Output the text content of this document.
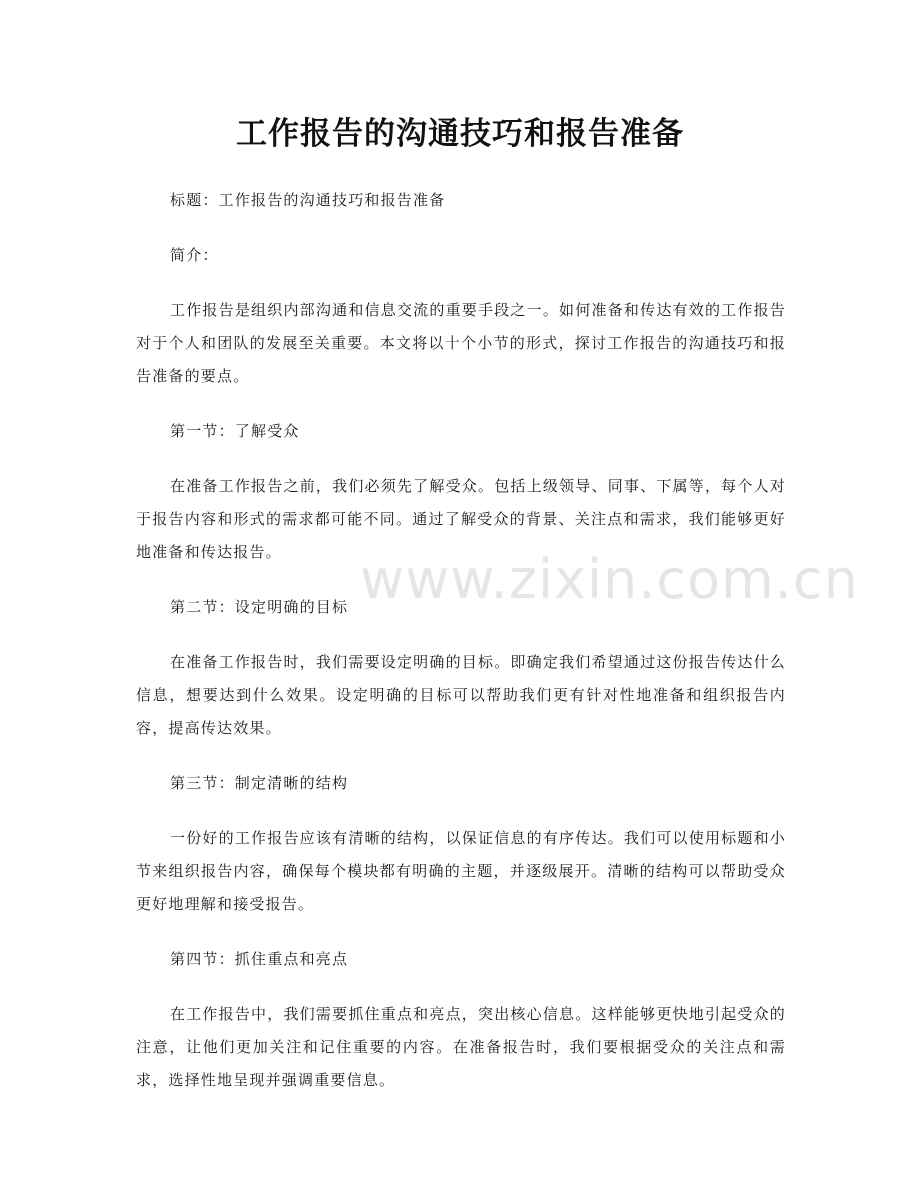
工作报告的沟通技巧和报告准备
www.zixin.com.cn

标题：工作报告的沟通技巧和报告准备

简介：

工作报告是组织内部沟通和信息交流的重要手段之一。如何准备和传达有效的工作报告对于个人和团队的发展至关重要。本文将以十个小节的形式，探讨工作报告的沟通技巧和报告准备的要点。

第一节：了解受众

在准备工作报告之前，我们必须先了解受众。包括上级领导、同事、下属等，每个人对于报告内容和形式的需求都可能不同。通过了解受众的背景、关注点和需求，我们能够更好地准备和传达报告。

第二节：设定明确的目标

在准备工作报告时，我们需要设定明确的目标。即确定我们希望通过这份报告传达什么信息，想要达到什么效果。设定明确的目标可以帮助我们更有针对性地准备和组织报告内容，提高传达效果。

第三节：制定清晰的结构

一份好的工作报告应该有清晰的结构，以保证信息的有序传达。我们可以使用标题和小节来组织报告内容，确保每个模块都有明确的主题，并逐级展开。清晰的结构可以帮助受众更好地理解和接受报告。

第四节：抓住重点和亮点

在工作报告中，我们需要抓住重点和亮点，突出核心信息。这样能够更快地引起受众的注意，让他们更加关注和记住重要的内容。在准备报告时，我们要根据受众的关注点和需求，选择性地呈现并强调重要信息。
